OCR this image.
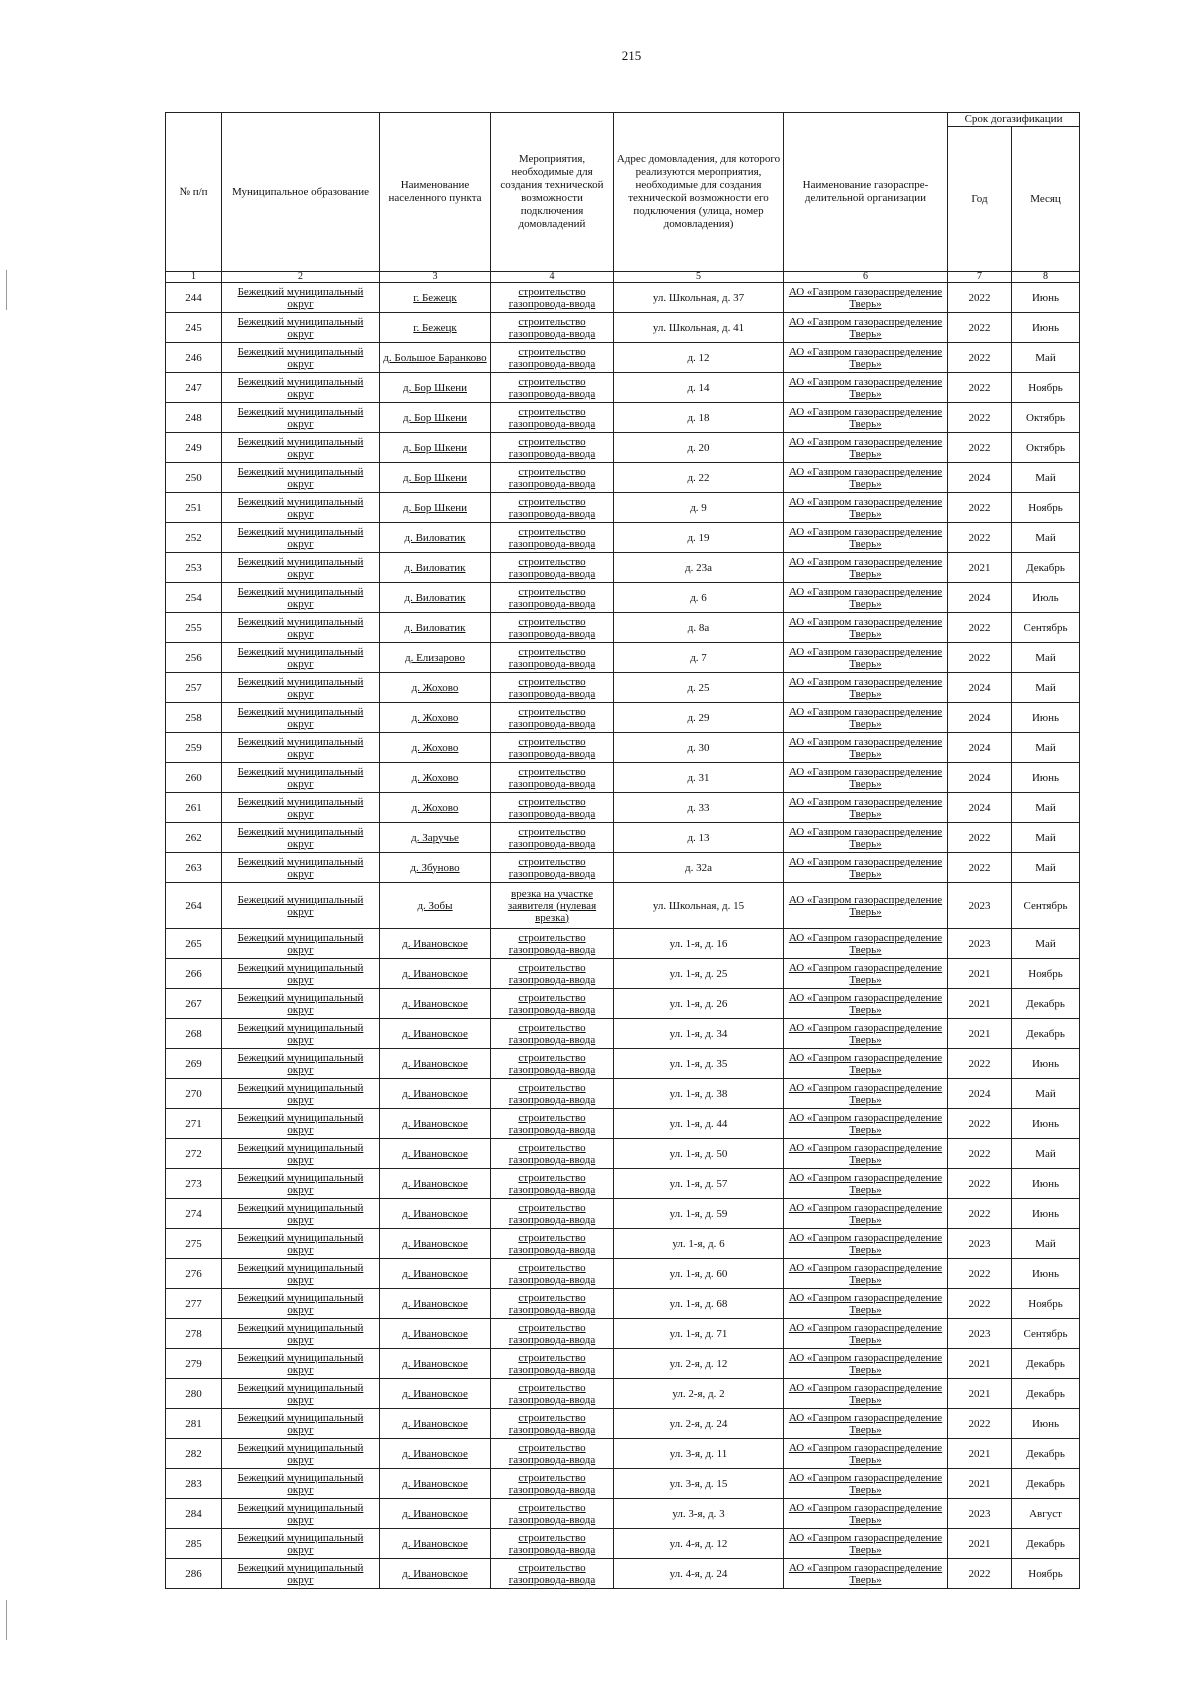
215
№ п/п	Муниципальное образование	Наименование населенного пункта	Мероприятия, необходимые для создания технической возможности подключения домовладений	Адрес домовладения, для которого реализуются мероприятия, необходимые для создания технической возможности его подключения (улица, номер домовладения)	Наименование газораспре-делительной организации	Срок догазификации	
						Год	Месяц
1	2	3	4	5	6	7	8
244	Бежецкий муниципальный округ	г. Бежецк	строительство газопровода-ввода	ул. Школьная, д. 37	АО «Газпром газораспределение Тверь»	2022	Июнь
245	Бежецкий муниципальный округ	г. Бежецк	строительство газопровода-ввода	ул. Школьная, д. 41	АО «Газпром газораспределение Тверь»	2022	Июнь
246	Бежецкий муниципальный округ	д. Большое Баранково	строительство газопровода-ввода	д. 12	АО «Газпром газораспределение Тверь»	2022	Май
247	Бежецкий муниципальный округ	д. Бор Шкени	строительство газопровода-ввода	д. 14	АО «Газпром газораспределение Тверь»	2022	Ноябрь
248	Бежецкий муниципальный округ	д. Бор Шкени	строительство газопровода-ввода	д. 18	АО «Газпром газораспределение Тверь»	2022	Октябрь
249	Бежецкий муниципальный округ	д. Бор Шкени	строительство газопровода-ввода	д. 20	АО «Газпром газораспределение Тверь»	2022	Октябрь
250	Бежецкий муниципальный округ	д. Бор Шкени	строительство газопровода-ввода	д. 22	АО «Газпром газораспределение Тверь»	2024	Май
251	Бежецкий муниципальный округ	д. Бор Шкени	строительство газопровода-ввода	д. 9	АО «Газпром газораспределение Тверь»	2022	Ноябрь
252	Бежецкий муниципальный округ	д. Виловатик	строительство газопровода-ввода	д. 19	АО «Газпром газораспределение Тверь»	2022	Май
253	Бежецкий муниципальный округ	д. Виловатик	строительство газопровода-ввода	д. 23а	АО «Газпром газораспределение Тверь»	2021	Декабрь
254	Бежецкий муниципальный округ	д. Виловатик	строительство газопровода-ввода	д. 6	АО «Газпром газораспределение Тверь»	2024	Июль
255	Бежецкий муниципальный округ	д. Виловатик	строительство газопровода-ввода	д. 8а	АО «Газпром газораспределение Тверь»	2022	Сентябрь
256	Бежецкий муниципальный округ	д. Елизарово	строительство газопровода-ввода	д. 7	АО «Газпром газораспределение Тверь»	2022	Май
257	Бежецкий муниципальный округ	д. Жохово	строительство газопровода-ввода	д. 25	АО «Газпром газораспределение Тверь»	2024	Май
258	Бежецкий муниципальный округ	д. Жохово	строительство газопровода-ввода	д. 29	АО «Газпром газораспределение Тверь»	2024	Июнь
259	Бежецкий муниципальный округ	д. Жохово	строительство газопровода-ввода	д. 30	АО «Газпром газораспределение Тверь»	2024	Май
260	Бежецкий муниципальный округ	д. Жохово	строительство газопровода-ввода	д. 31	АО «Газпром газораспределение Тверь»	2024	Июнь
261	Бежецкий муниципальный округ	д. Жохово	строительство газопровода-ввода	д. 33	АО «Газпром газораспределение Тверь»	2024	Май
262	Бежецкий муниципальный округ	д. Заручье	строительство газопровода-ввода	д. 13	АО «Газпром газораспределение Тверь»	2022	Май
263	Бежецкий муниципальный округ	д. Збуново	строительство газопровода-ввода	д. 32а	АО «Газпром газораспределение Тверь»	2022	Май
264	Бежецкий муниципальный округ	д. Зобы	врезка на участке заявителя (нулевая врезка)	ул. Школьная, д. 15	АО «Газпром газораспределение Тверь»	2023	Сентябрь
265	Бежецкий муниципальный округ	д. Ивановское	строительство газопровода-ввода	ул. 1-я, д. 16	АО «Газпром газораспределение Тверь»	2023	Май
266	Бежецкий муниципальный округ	д. Ивановское	строительство газопровода-ввода	ул. 1-я, д. 25	АО «Газпром газораспределение Тверь»	2021	Ноябрь
267	Бежецкий муниципальный округ	д. Ивановское	строительство газопровода-ввода	ул. 1-я, д. 26	АО «Газпром газораспределение Тверь»	2021	Декабрь
268	Бежецкий муниципальный округ	д. Ивановское	строительство газопровода-ввода	ул. 1-я, д. 34	АО «Газпром газораспределение Тверь»	2021	Декабрь
269	Бежецкий муниципальный округ	д. Ивановское	строительство газопровода-ввода	ул. 1-я, д. 35	АО «Газпром газораспределение Тверь»	2022	Июнь
270	Бежецкий муниципальный округ	д. Ивановское	строительство газопровода-ввода	ул. 1-я, д. 38	АО «Газпром газораспределение Тверь»	2024	Май
271	Бежецкий муниципальный округ	д. Ивановское	строительство газопровода-ввода	ул. 1-я, д. 44	АО «Газпром газораспределение Тверь»	2022	Июнь
272	Бежецкий муниципальный округ	д. Ивановское	строительство газопровода-ввода	ул. 1-я, д. 50	АО «Газпром газораспределение Тверь»	2022	Май
273	Бежецкий муниципальный округ	д. Ивановское	строительство газопровода-ввода	ул. 1-я, д. 57	АО «Газпром газораспределение Тверь»	2022	Июнь
274	Бежецкий муниципальный округ	д. Ивановское	строительство газопровода-ввода	ул. 1-я, д. 59	АО «Газпром газораспределение Тверь»	2022	Июнь
275	Бежецкий муниципальный округ	д. Ивановское	строительство газопровода-ввода	ул. 1-я, д. 6	АО «Газпром газораспределение Тверь»	2023	Май
276	Бежецкий муниципальный округ	д. Ивановское	строительство газопровода-ввода	ул. 1-я, д. 60	АО «Газпром газораспределение Тверь»	2022	Июнь
277	Бежецкий муниципальный округ	д. Ивановское	строительство газопровода-ввода	ул. 1-я, д. 68	АО «Газпром газораспределение Тверь»	2022	Ноябрь
278	Бежецкий муниципальный округ	д. Ивановское	строительство газопровода-ввода	ул. 1-я, д. 71	АО «Газпром газораспределение Тверь»	2023	Сентябрь
279	Бежецкий муниципальный округ	д. Ивановское	строительство газопровода-ввода	ул. 2-я, д. 12	АО «Газпром газораспределение Тверь»	2021	Декабрь
280	Бежецкий муниципальный округ	д. Ивановское	строительство газопровода-ввода	ул. 2-я, д. 2	АО «Газпром газораспределение Тверь»	2021	Декабрь
281	Бежецкий муниципальный округ	д. Ивановское	строительство газопровода-ввода	ул. 2-я, д. 24	АО «Газпром газораспределение Тверь»	2022	Июнь
282	Бежецкий муниципальный округ	д. Ивановское	строительство газопровода-ввода	ул. 3-я, д. 11	АО «Газпром газораспределение Тверь»	2021	Декабрь
283	Бежецкий муниципальный округ	д. Ивановское	строительство газопровода-ввода	ул. 3-я, д. 15	АО «Газпром газораспределение Тверь»	2021	Декабрь
284	Бежецкий муниципальный округ	д. Ивановское	строительство газопровода-ввода	ул. 3-я, д. 3	АО «Газпром газораспределение Тверь»	2023	Август
285	Бежецкий муниципальный округ	д. Ивановское	строительство газопровода-ввода	ул. 4-я, д. 12	АО «Газпром газораспределение Тверь»	2021	Декабрь
286	Бежецкий муниципальный округ	д. Ивановское	строительство газопровода-ввода	ул. 4-я, д. 24	АО «Газпром газораспределение Тверь»	2022	Ноябрь
